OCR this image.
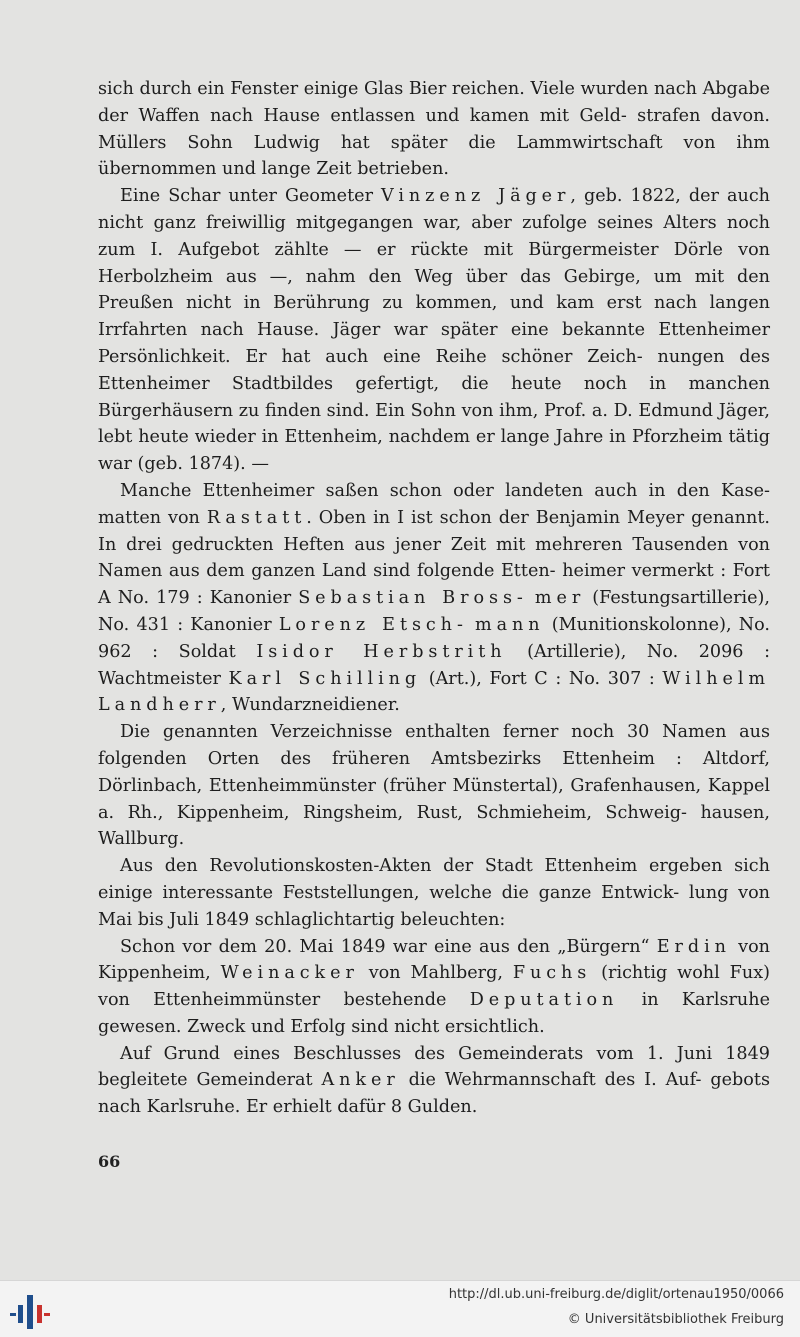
sich durch ein Fenster einige Glas Bier reichen. Viele wurden nach Abgabe der Waffen nach Hause entlassen und kamen mit Geld- strafen davon. Müllers Sohn Ludwig hat später die Lammwirtschaft von ihm übernommen und lange Zeit betrieben.

Eine Schar unter Geometer Vinzenz Jäger, geb. 1822, der auch nicht ganz freiwillig mitgegangen war, aber zufolge seines Alters noch zum I. Aufgebot zählte — er rückte mit Bürgermeister Dörle von Herbolzheim aus —, nahm den Weg über das Gebirge, um mit den Preußen nicht in Berührung zu kommen, und kam erst nach langen Irrfahrten nach Hause. Jäger war später eine bekannte Ettenheimer Persönlichkeit. Er hat auch eine Reihe schöner Zeich- nungen des Ettenheimer Stadtbildes gefertigt, die heute noch in manchen Bürgerhäusern zu finden sind. Ein Sohn von ihm, Prof. a. D. Edmund Jäger, lebt heute wieder in Ettenheim, nachdem er lange Jahre in Pforzheim tätig war (geb. 1874). —

Manche Ettenheimer saßen schon oder landeten auch in den Kase- matten von Rastatt. Oben in I ist schon der Benjamin Meyer genannt. In drei gedruckten Heften aus jener Zeit mit mehreren Tausenden von Namen aus dem ganzen Land sind folgende Etten- heimer vermerkt : Fort A No. 179 : Kanonier Sebastian Bross- mer (Festungsartillerie), No. 431 : Kanonier Lorenz Etsch- mann (Munitionskolonne), No. 962 : Soldat Isidor Herbstrith (Artillerie), No. 2096 : Wachtmeister Karl Schilling (Art.), Fort C : No. 307 : Wilhelm Landherr, Wundarzneidiener.

Die genannten Verzeichnisse enthalten ferner noch 30 Namen aus folgenden Orten des früheren Amtsbezirks Ettenheim : Altdorf, Dörlinbach, Ettenheimmünster (früher Münstertal), Grafenhausen, Kappel a. Rh., Kippenheim, Ringsheim, Rust, Schmieheim, Schweig- hausen, Wallburg.

Aus den Revolutionskosten-Akten der Stadt Ettenheim ergeben sich einige interessante Feststellungen, welche die ganze Entwick- lung von Mai bis Juli 1849 schlaglichtartig beleuchten:

Schon vor dem 20. Mai 1849 war eine aus den „Bürgern“ Erdin von Kippenheim, Weinacker von Mahlberg, Fuchs (richtig wohl Fux) von Ettenheimmünster bestehende Deputation in Karlsruhe gewesen. Zweck und Erfolg sind nicht ersichtlich.

Auf Grund eines Beschlusses des Gemeinderats vom 1. Juni 1849 begleitete Gemeinderat Anker die Wehrmannschaft des I. Auf- gebots nach Karlsruhe. Er erhielt dafür 8 Gulden.

66
http://dl.ub.uni-freiburg.de/diglit/ortenau1950/0066
© Universitätsbibliothek Freiburg
